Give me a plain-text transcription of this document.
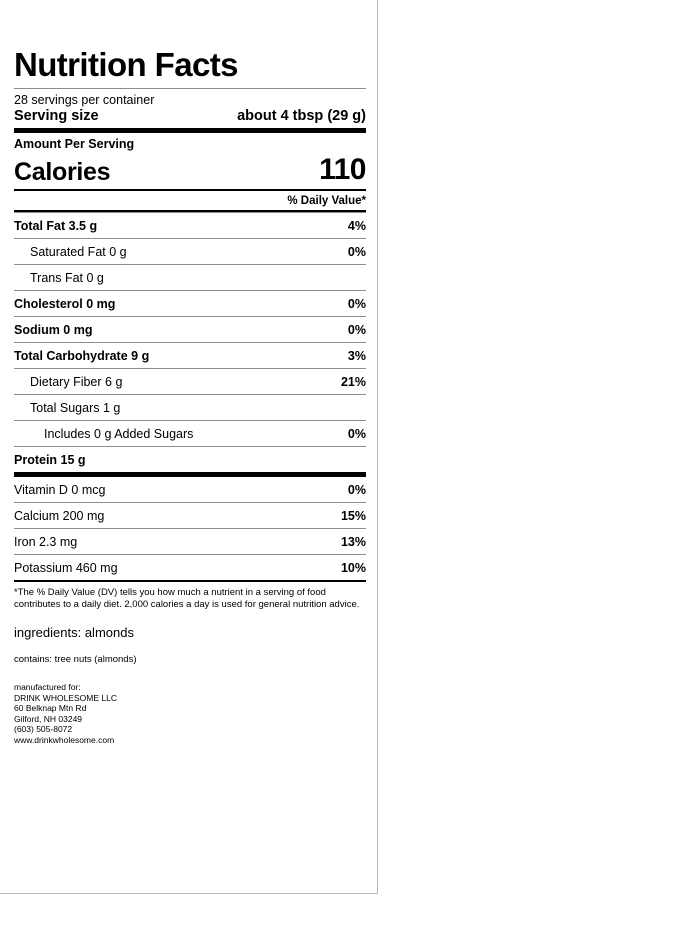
Nutrition Facts
28 servings per container
Serving size	about 4 tbsp (29 g)
Amount Per Serving
Calories	110
% Daily Value*
Total Fat 3.5 g	4%
Saturated Fat 0 g	0%
Trans Fat 0 g
Cholesterol 0 mg	0%
Sodium 0 mg	0%
Total Carbohydrate 9 g	3%
Dietary Fiber 6 g	21%
Total Sugars 1 g
Includes 0 g Added Sugars	0%
Protein 15 g
Vitamin D 0 mcg	0%
Calcium 200 mg	15%
Iron 2.3 mg	13%
Potassium 460 mg	10%
*The % Daily Value (DV) tells you how much a nutrient in a serving of food contributes to a daily diet. 2,000 calories a day is used for general nutrition advice.
ingredients: almonds
contains: tree nuts (almonds)
manufactured for:
DRINK WHOLESOME LLC
60 Belknap Mtn Rd
Gilford, NH 03249
(603) 505-8072
www.drinkwholesome.com
